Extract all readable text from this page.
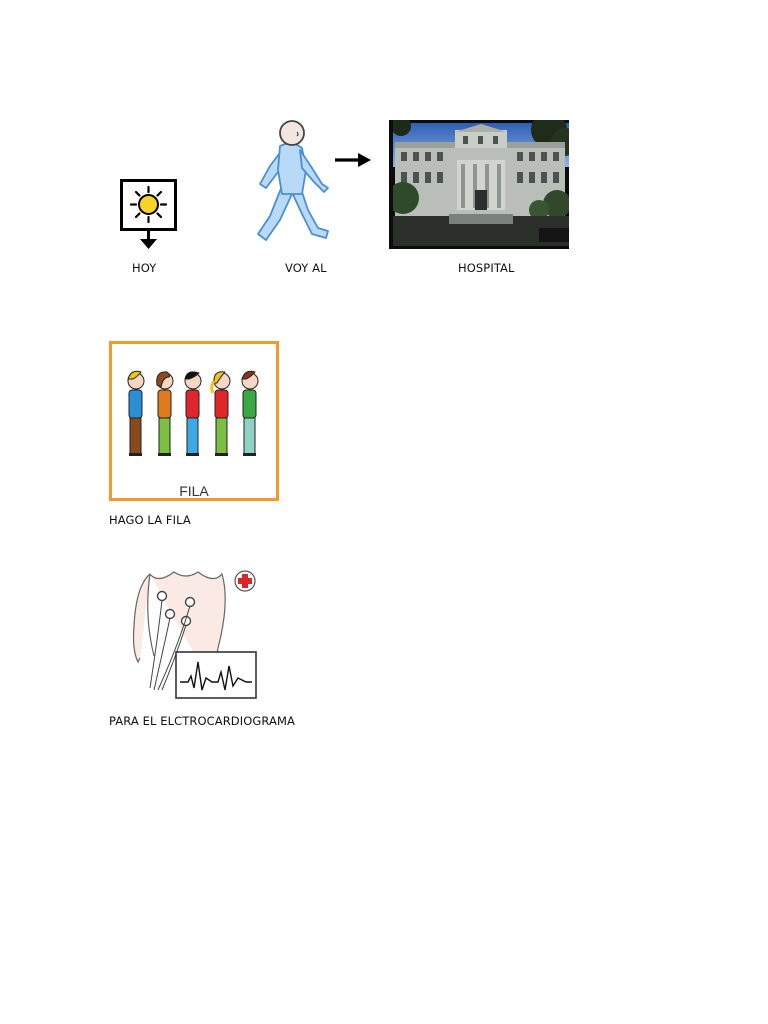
HOY	VOY AL	HOSPITAL
FILA
HAGO LA FILA
PARA EL ELCTROCARDIOGRAMA
